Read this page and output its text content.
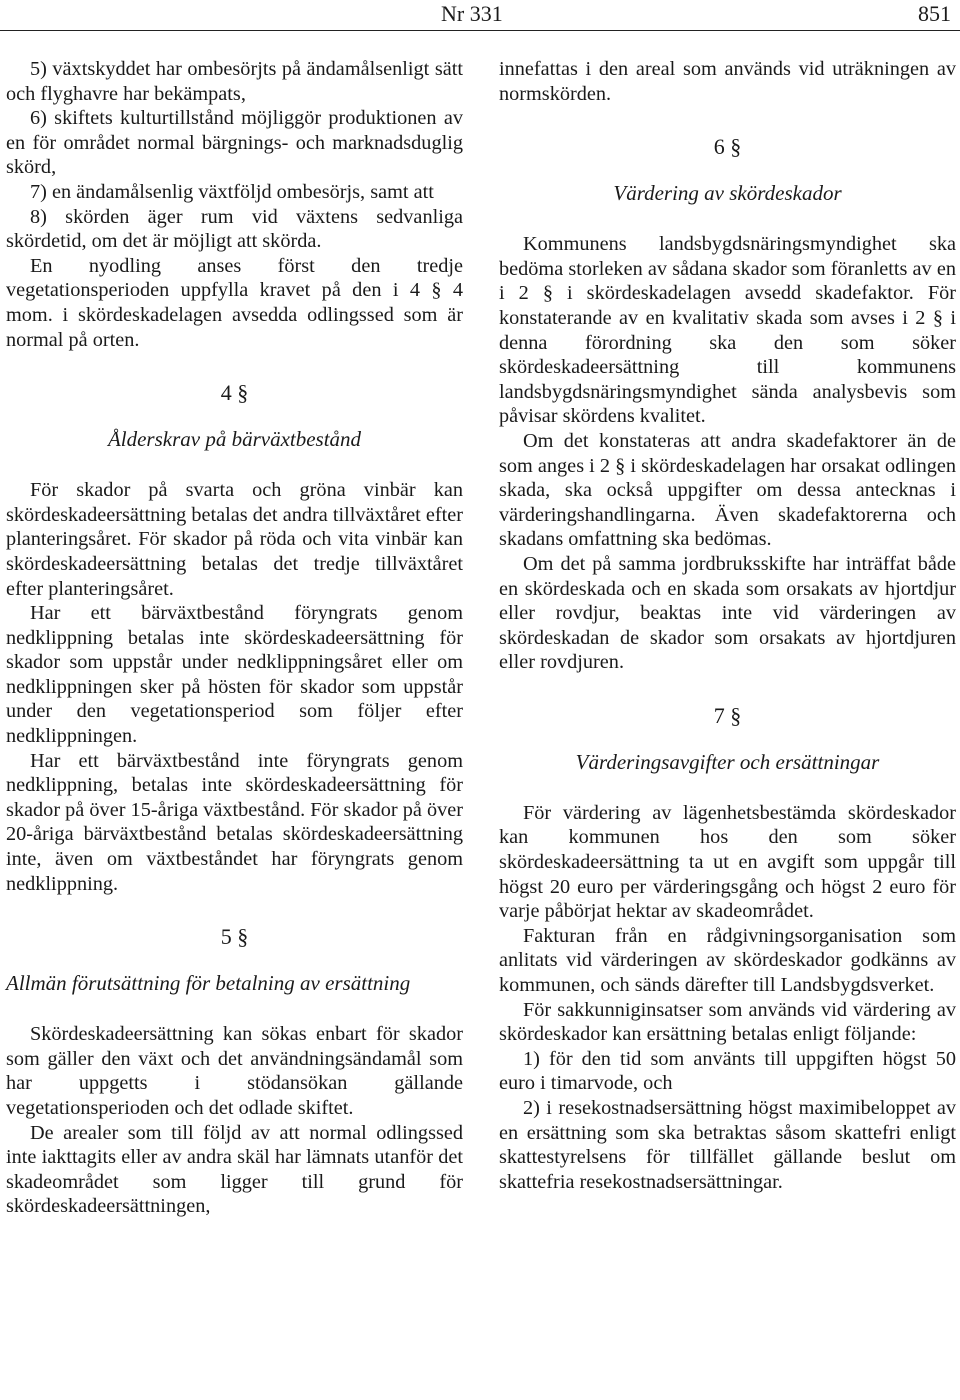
Nr 331	851

5) växtskyddet har ombesörjts på ändamålsenligt sätt och flyghavre har bekämpats,

6) skiftets kulturtillstånd möjliggör produktionen av en för området normal bärgnings- och marknadsduglig skörd,

7) en ändamålsenlig växtföljd ombesörjs, samt att

8) skörden äger rum vid växtens sedvanliga skördetid, om det är möjligt att skörda.

En nyodling anses först den tredje vegetationsperioden uppfylla kravet på den i 4 § 4 mom. i skördeskadelagen avsedda odlingssed som är normal på orten.

4 §
Ålderskrav på bärväxtbestånd

För skador på svarta och gröna vinbär kan skördeskadeersättning betalas det andra tillväxtåret efter planteringsåret. För skador på röda och vita vinbär kan skördeskadeersättning betalas det tredje tillväxtåret efter planteringsåret.

Har ett bärväxtbestånd föryngrats genom nedklippning betalas inte skördeskadeersättning för skador som uppstår under nedklippningsåret eller om nedklippningen sker på hösten för skador som uppstår under den vegetationsperiod som följer efter nedklippningen.

Har ett bärväxtbestånd inte föryngrats genom nedklippning, betalas inte skördeskadeersättning för skador på över 15-åriga växtbestånd. För skador på över 20-åriga bärväxtbestånd betalas skördeskadeersättning inte, även om växtbeståndet har föryngrats genom nedklippning.

5 §
Allmän förutsättning för betalning av ersättning

Skördeskadeersättning kan sökas enbart för skador som gäller den växt och det användningsändamål som har uppgetts i stödansökan gällande vegetationsperioden och det odlade skiftet.

De arealer som till följd av att normal odlingssed inte iakttagits eller av andra skäl har lämnats utanför det skadeområdet som ligger till grund för skördeskadeersättningen,

innefattas i den areal som används vid uträkningen av normskörden.

6 §
Värdering av skördeskador

Kommunens landsbygdsnäringsmyndighet ska bedöma storleken av sådana skador som föranletts av en i 2 § i skördeskadelagen avsedd skadefaktor. För konstaterande av en kvalitativ skada som avses i 2 § i denna förordning ska den som söker skördeskadeersättning till kommunens landsbygdsnäringsmyndighet sända analysbevis som påvisar skördens kvalitet.

Om det konstateras att andra skadefaktorer än de som anges i 2 § i skördeskadelagen har orsakat odlingen skada, ska också uppgifter om dessa antecknas i värderingshandlingarna. Även skadefaktorerna och skadans omfattning ska bedömas.

Om det på samma jordbruksskifte har inträffat både en skördeskada och en skada som orsakats av hjortdjur eller rovdjur, beaktas inte vid värderingen av skördeskadan de skador som orsakats av hjortdjuren eller rovdjuren.

7 §
Värderingsavgifter och ersättningar

För värdering av lägenhetsbestämda skördeskador kan kommunen hos den som söker skördeskadeersättning ta ut en avgift som uppgår till högst 20 euro per värderingsgång och högst 2 euro för varje påbörjat hektar av skadeområdet.

Fakturan från en rådgivningsorganisation som anlitats vid värderingen av skördeskador godkänns av kommunen, och sänds därefter till Landsbygdsverket.

För sakkunniginsatser som används vid värdering av skördeskador kan ersättning betalas enligt följande:

1) för den tid som använts till uppgiften högst 50 euro i timarvode, och

2) i resekostnadsersättning högst maximibeloppet av en ersättning som ska betraktas såsom skattefri enligt skattestyrelsens för tillfället gällande beslut om skattefria resekostnadsersättningar.
